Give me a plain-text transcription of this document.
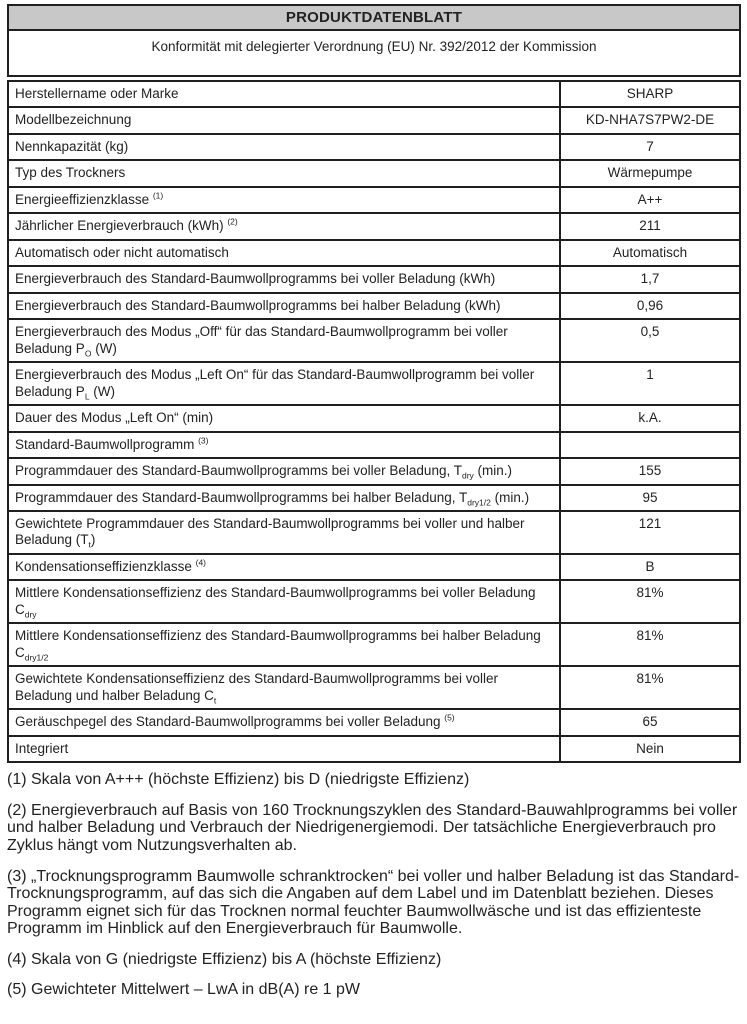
PRODUKTDATENBLATT
Konformität mit delegierter Verordnung (EU) Nr. 392/2012 der Kommission
Herstellername oder Marke	SHARP
Modellbezeichnung	KD-NHA7S7PW2-DE
Nennkapazität (kg)	7
Typ des Trockners	Wärmepumpe
Energieeffizienzklasse $^{(1)}$	A++
Jährlicher Energieverbrauch (kWh) $^{(2)}$	211
Automatisch oder nicht automatisch	Automatisch
Energieverbrauch des Standard-Baumwollprogramms bei voller Beladung (kWh)	1,7
Energieverbrauch des Standard-Baumwollprogramms bei halber Beladung (kWh)	0,96
Energieverbrauch des Modus „Off“ für das Standard-Baumwollprogramm bei voller Beladung $P_O$ (W)	0,5
Energieverbrauch des Modus „Left On“ für das Standard-Baumwollprogramm bei voller Beladung $P_L$ (W)	1
Dauer des Modus „Left On“ (min)	k.A.
Standard-Baumwollprogramm $^{(3)}$	
Programmdauer des Standard-Baumwollprogramms bei voller Beladung, $T_{dry}$ (min.)	155
Programmdauer des Standard-Baumwollprogramms bei halber Beladung, $T_{dry1/2}$ (min.)	95
Gewichtete Programmdauer des Standard-Baumwollprogramms bei voller und halber Beladung $(T_t)$	121
Kondensationseffizienzklasse $^{(4)}$	B
Mittlere Kondensationseffizienz des Standard-Baumwollprogramms bei voller Beladung $C_{dry}$	81%
Mittlere Kondensationseffizienz des Standard-Baumwollprogramms bei halber Beladung $C_{dry1/2}$	81%
Gewichtete Kondensationseffizienz des Standard-Baumwollprogramms bei voller Beladung und halber Beladung $C_t$	81%
Geräuschpegel des Standard-Baumwollprogramms bei voller Beladung $^{(5)}$	65
Integriert	Nein

(1) Skala von A+++ (höchste Effizienz) bis D (niedrigste Effizienz)

(2) Energieverbrauch auf Basis von 160 Trocknungszyklen des Standard-Bauwahlprogramms bei voller und halber Beladung und Verbrauch der Niedrigenergiemodi. Der tatsächliche Energieverbrauch pro Zyklus hängt vom Nutzungsverhalten ab.

(3) „Trocknungsprogramm Baumwolle schranktrocken“ bei voller und halber Beladung ist das Standard-Trocknungsprogramm, auf das sich die Angaben auf dem Label und im Datenblatt beziehen. Dieses Programm eignet sich für das Trocknen normal feuchter Baumwollwäsche und ist das effizienteste Programm im Hinblick auf den Energieverbrauch für Baumwolle.

(4) Skala von G (niedrigste Effizienz) bis A (höchste Effizienz)

(5) Gewichteter Mittelwert – LwA in dB(A) re 1 pW
